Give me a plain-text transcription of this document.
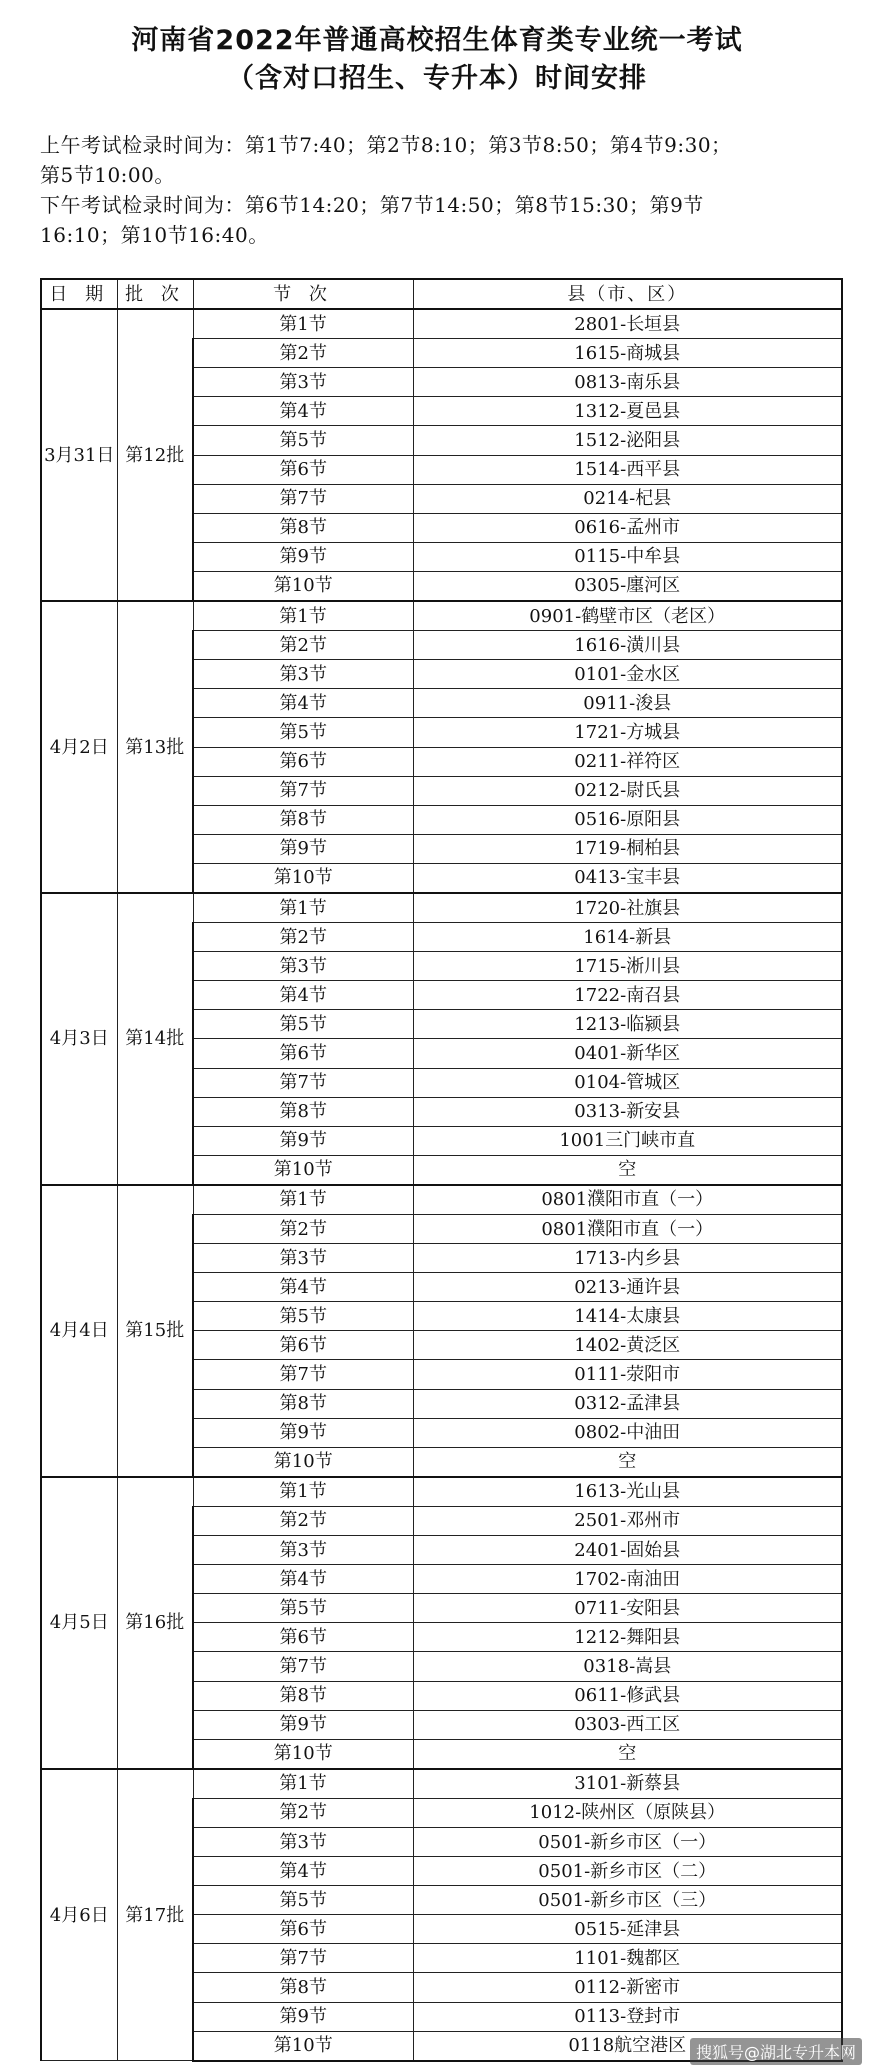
河南省2022年普通高校招生体育类专业统一考试
（含对口招生、专升本）时间安排
上午考试检录时间为：第1节7:40；第2节8:10；第3节8:50；第4节9:30；
第5节10:00。
下午考试检录时间为：第6节14:20；第7节14:50；第8节15:30；第9节
16:10；第10节16:40。
日 期	批 次	节 次	县（市、区）
3月31日	第12批	第1节	2801-长垣县
		第2节	1615-商城县
		第3节	0813-南乐县
		第4节	1312-夏邑县
		第5节	1512-泌阳县
		第6节	1514-西平县
		第7节	0214-杞县
		第8节	0616-孟州市
		第9节	0115-中牟县
		第10节	0305-廛河区
4月2日	第13批	第1节	0901-鹤壁市区（老区）
		第2节	1616-潢川县
		第3节	0101-金水区
		第4节	0911-浚县
		第5节	1721-方城县
		第6节	0211-祥符区
		第7节	0212-尉氏县
		第8节	0516-原阳县
		第9节	1719-桐柏县
		第10节	0413-宝丰县
4月3日	第14批	第1节	1720-社旗县
		第2节	1614-新县
		第3节	1715-淅川县
		第4节	1722-南召县
		第5节	1213-临颍县
		第6节	0401-新华区
		第7节	0104-管城区
		第8节	0313-新安县
		第9节	1001三门峡市直
		第10节	空
4月4日	第15批	第1节	0801濮阳市直（一）
		第2节	0801濮阳市直（一）
		第3节	1713-内乡县
		第4节	0213-通许县
		第5节	1414-太康县
		第6节	1402-黄泛区
		第7节	0111-荥阳市
		第8节	0312-孟津县
		第9节	0802-中油田
		第10节	空
4月5日	第16批	第1节	1613-光山县
		第2节	2501-邓州市
		第3节	2401-固始县
		第4节	1702-南油田
		第5节	0711-安阳县
		第6节	1212-舞阳县
		第7节	0318-嵩县
		第8节	0611-修武县
		第9节	0303-西工区
		第10节	空
4月6日	第17批	第1节	3101-新蔡县
		第2节	1012-陕州区（原陕县）
		第3节	0501-新乡市区（一）
		第4节	0501-新乡市区（二）
		第5节	0501-新乡市区（三）
		第6节	0515-延津县
		第7节	1101-魏都区
		第8节	0112-新密市
		第9节	0113-登封市
		第10节	0118航空港区 搜狐号@湖北专升本网
